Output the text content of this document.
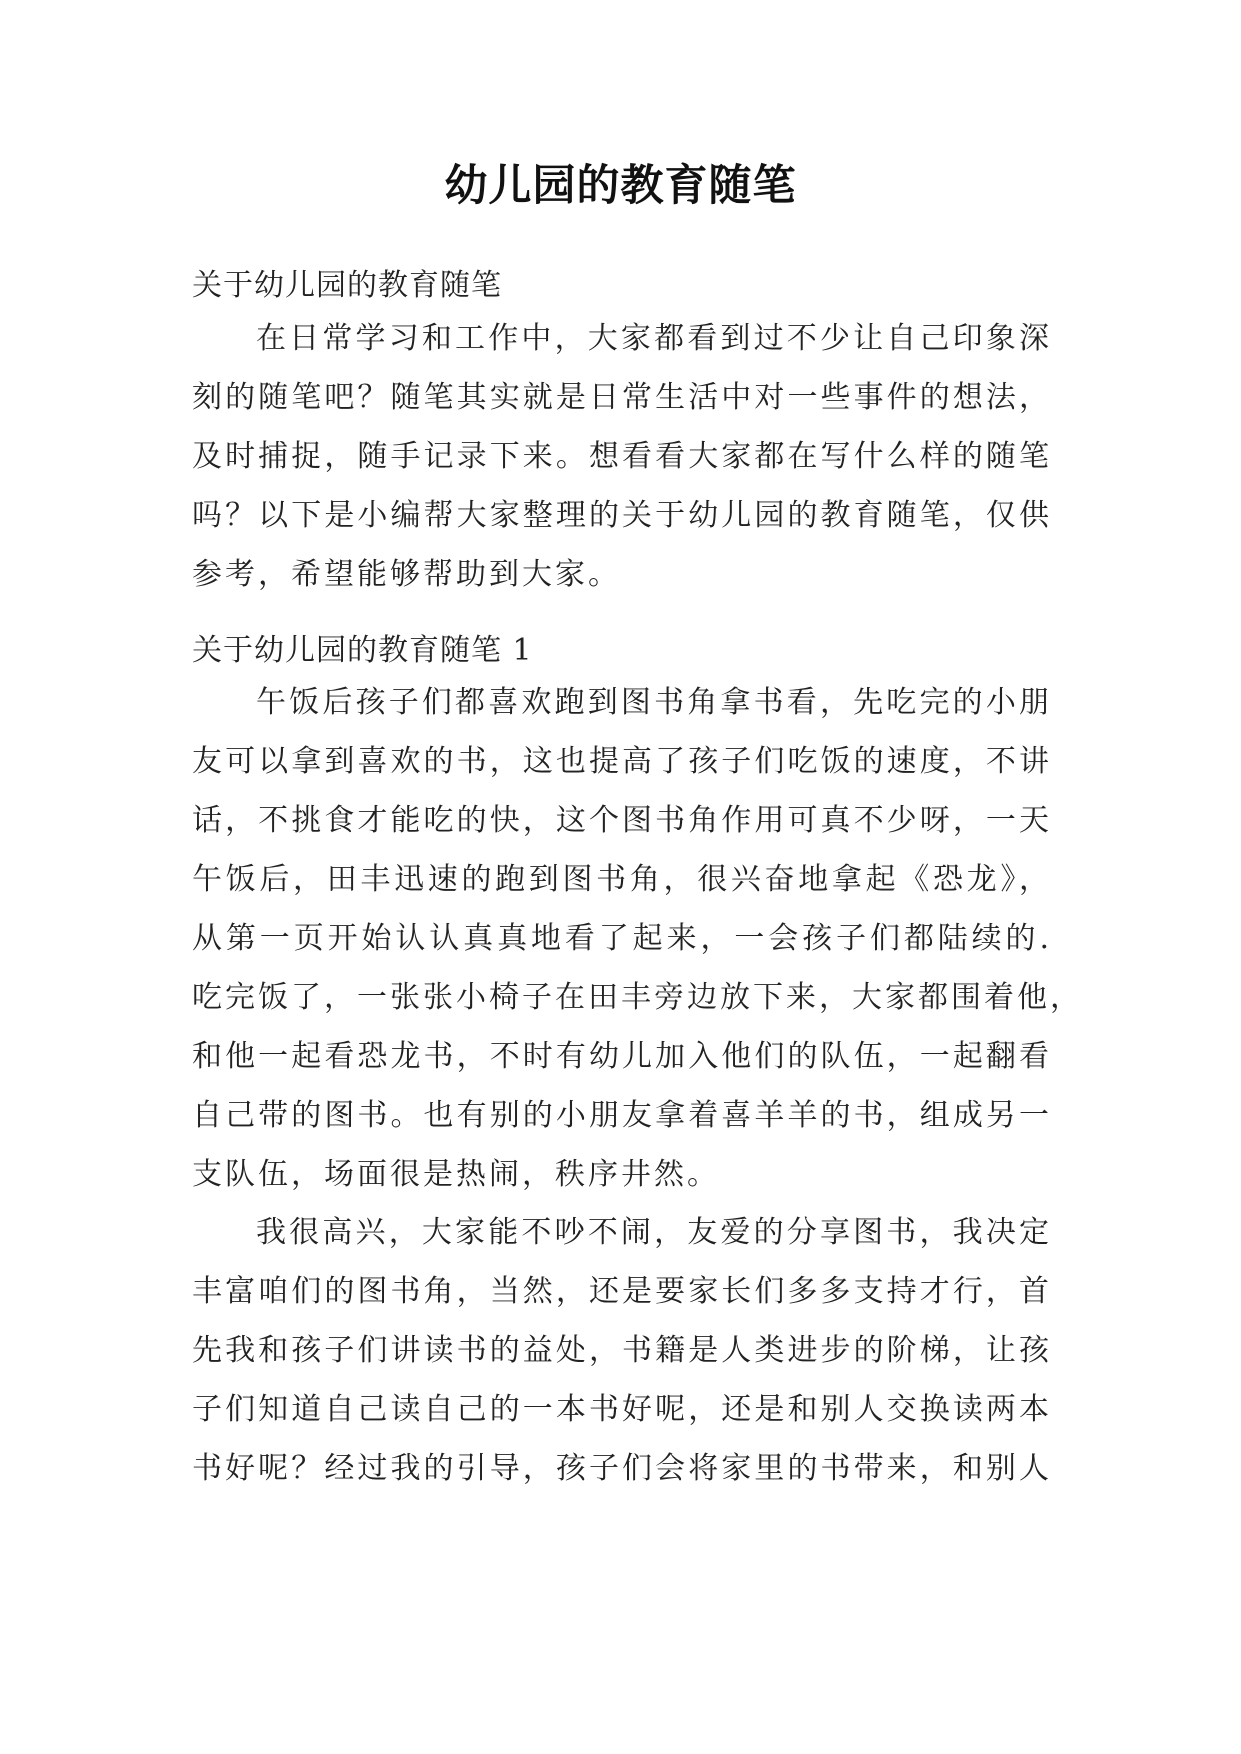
幼儿园的教育随笔

关于幼儿园的教育随笔

在日常学习和工作中，大家都看到过不少让自己印象深
刻的随笔吧？随笔其实就是日常生活中对一些事件的想法，
及时捕捉，随手记录下来。想看看大家都在写什么样的随笔
吗？以下是小编帮大家整理的关于幼儿园的教育随笔，仅供
参考，希望能够帮助到大家。

关于幼儿园的教育随笔 1

午饭后孩子们都喜欢跑到图书角拿书看，先吃完的小朋
友可以拿到喜欢的书，这也提高了孩子们吃饭的速度，不讲
话，不挑食才能吃的快，这个图书角作用可真不少呀，一天
午饭后，田丰迅速的跑到图书角，很兴奋地拿起《恐龙》，
从第一页开始认认真真地看了起来，一会孩子们都陆续的.
吃完饭了，一张张小椅子在田丰旁边放下来，大家都围着他，
和他一起看恐龙书，不时有幼儿加入他们的队伍，一起翻看
自己带的图书。也有别的小朋友拿着喜羊羊的书，组成另一
支队伍，场面很是热闹，秩序井然。
我很高兴，大家能不吵不闹，友爱的分享图书，我决定
丰富咱们的图书角，当然，还是要家长们多多支持才行，首
先我和孩子们讲读书的益处，书籍是人类进步的阶梯，让孩
子们知道自己读自己的一本书好呢，还是和别人交换读两本
书好呢？经过我的引导，孩子们会将家里的书带来，和别人
